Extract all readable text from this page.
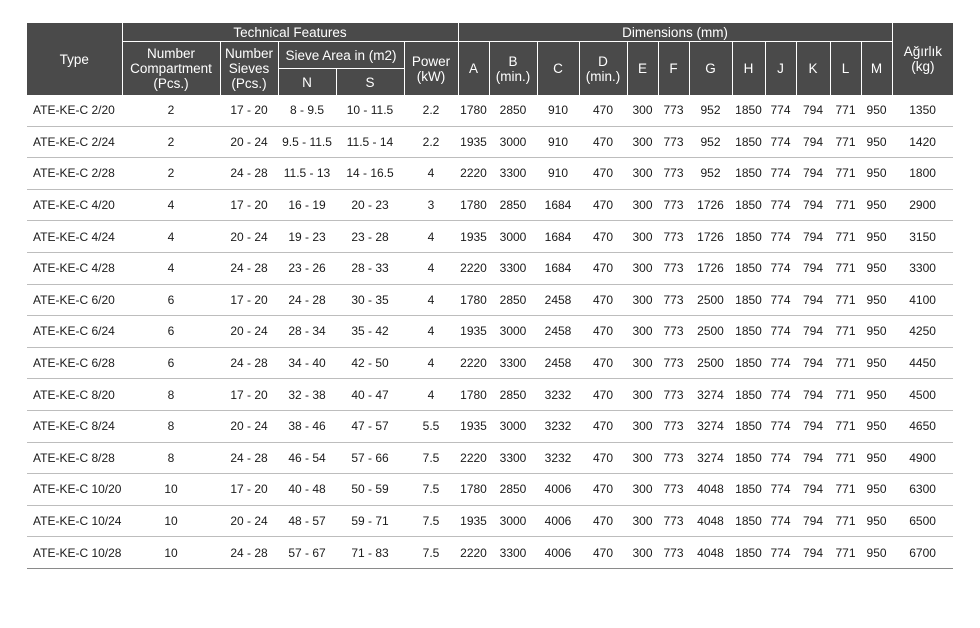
Type	Technical Features					Dimensions (mm)												Ağırlık (kg)
	Number Compartment (Pcs.)	Number Sieves (Pcs.)	Sieve Area in (m2)		Power (kW)	A	B (min.)	C	D (min.)	E	F	G	H	J	K	L	M	
			N	S														
ATE-KE-C 2/20	2	17 - 20	8 - 9.5	10 - 11.5	2.2	1780	2850	910	470	300	773	952	1850	774	794	771	950	1350
ATE-KE-C 2/24	2	20 - 24	9.5 - 11.5	11.5 - 14	2.2	1935	3000	910	470	300	773	952	1850	774	794	771	950	1420
ATE-KE-C 2/28	2	24 - 28	11.5 - 13	14 - 16.5	4	2220	3300	910	470	300	773	952	1850	774	794	771	950	1800
ATE-KE-C 4/20	4	17 - 20	16 - 19	20 - 23	3	1780	2850	1684	470	300	773	1726	1850	774	794	771	950	2900
ATE-KE-C 4/24	4	20 - 24	19 - 23	23 - 28	4	1935	3000	1684	470	300	773	1726	1850	774	794	771	950	3150
ATE-KE-C 4/28	4	24 - 28	23 - 26	28 - 33	4	2220	3300	1684	470	300	773	1726	1850	774	794	771	950	3300
ATE-KE-C 6/20	6	17 - 20	24 - 28	30 - 35	4	1780	2850	2458	470	300	773	2500	1850	774	794	771	950	4100
ATE-KE-C 6/24	6	20 - 24	28 - 34	35 - 42	4	1935	3000	2458	470	300	773	2500	1850	774	794	771	950	4250
ATE-KE-C 6/28	6	24 - 28	34 - 40	42 - 50	4	2220	3300	2458	470	300	773	2500	1850	774	794	771	950	4450
ATE-KE-C 8/20	8	17 - 20	32 - 38	40 - 47	4	1780	2850	3232	470	300	773	3274	1850	774	794	771	950	4500
ATE-KE-C 8/24	8	20 - 24	38 - 46	47 - 57	5.5	1935	3000	3232	470	300	773	3274	1850	774	794	771	950	4650
ATE-KE-C 8/28	8	24 - 28	46 - 54	57 - 66	7.5	2220	3300	3232	470	300	773	3274	1850	774	794	771	950	4900
ATE-KE-C 10/20	10	17 - 20	40 - 48	50 - 59	7.5	1780	2850	4006	470	300	773	4048	1850	774	794	771	950	6300
ATE-KE-C 10/24	10	20 - 24	48 - 57	59 - 71	7.5	1935	3000	4006	470	300	773	4048	1850	774	794	771	950	6500
ATE-KE-C 10/28	10	24 - 28	57 - 67	71 - 83	7.5	2220	3300	4006	470	300	773	4048	1850	774	794	771	950	6700
